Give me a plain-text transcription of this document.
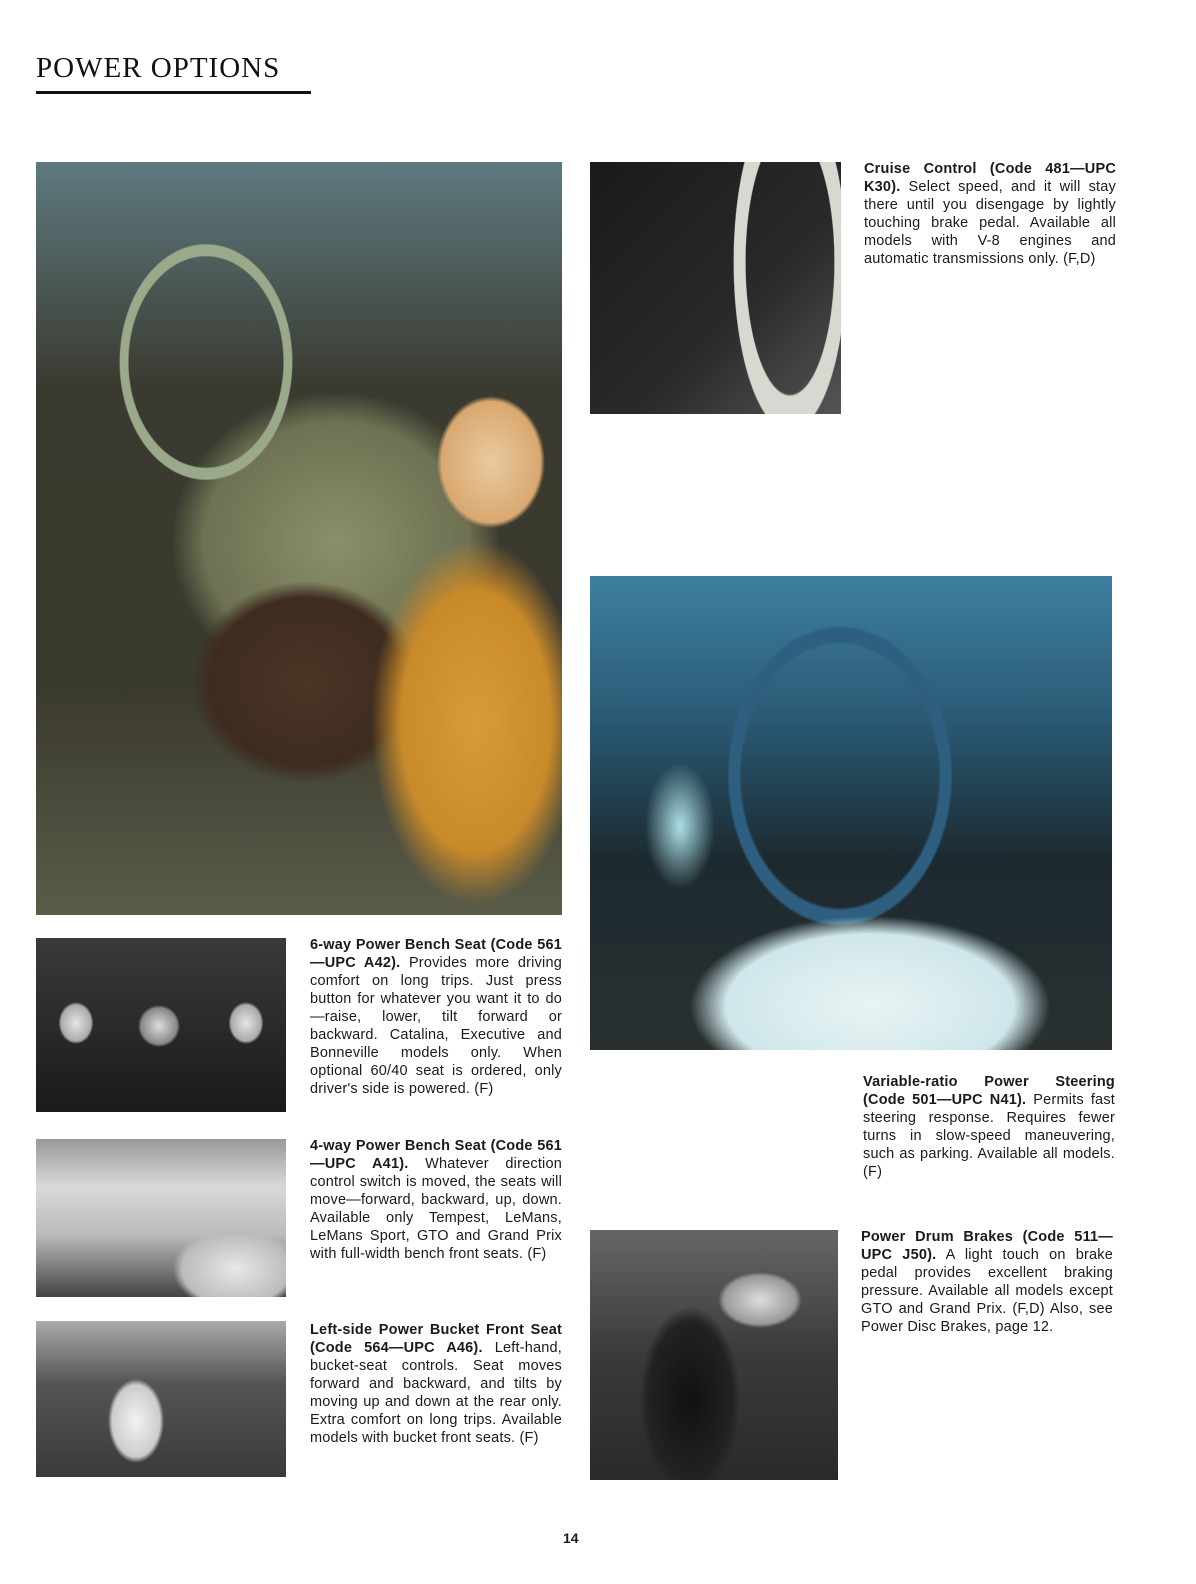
POWER OPTIONS
6-way Power Bench Seat (Code 561—UPC A42). Provides more driving comfort on long trips. Just press button for whatever you want it to do—raise, lower, tilt forward or backward. Catalina, Executive and Bonneville models only. When optional 60/40 seat is ordered, only driver's side is powered. (F)
4-way Power Bench Seat (Code 561—UPC A41). Whatever direction control switch is moved, the seats will move—forward, backward, up, down. Available only Tempest, LeMans, LeMans Sport, GTO and Grand Prix with full-width bench front seats. (F)
Left-side Power Bucket Front Seat (Code 564—UPC A46). Left-hand, bucket-seat controls. Seat moves forward and backward, and tilts by moving up and down at the rear only. Extra comfort on long trips. Available models with bucket front seats. (F)
Cruise Control (Code 481—UPC K30). Select speed, and it will stay there until you disengage by lightly touching brake pedal. Available all models with V-8 engines and automatic transmissions only. (F,D)
Variable-ratio Power Steering (Code 501—UPC N41). Permits fast steering response. Requires fewer turns in slow-speed maneuvering, such as parking. Available all models. (F)
Power Drum Brakes (Code 511—UPC J50). A light touch on brake pedal provides excellent braking pressure. Available all models except GTO and Grand Prix. (F,D) Also, see Power Disc Brakes, page 12.
14
